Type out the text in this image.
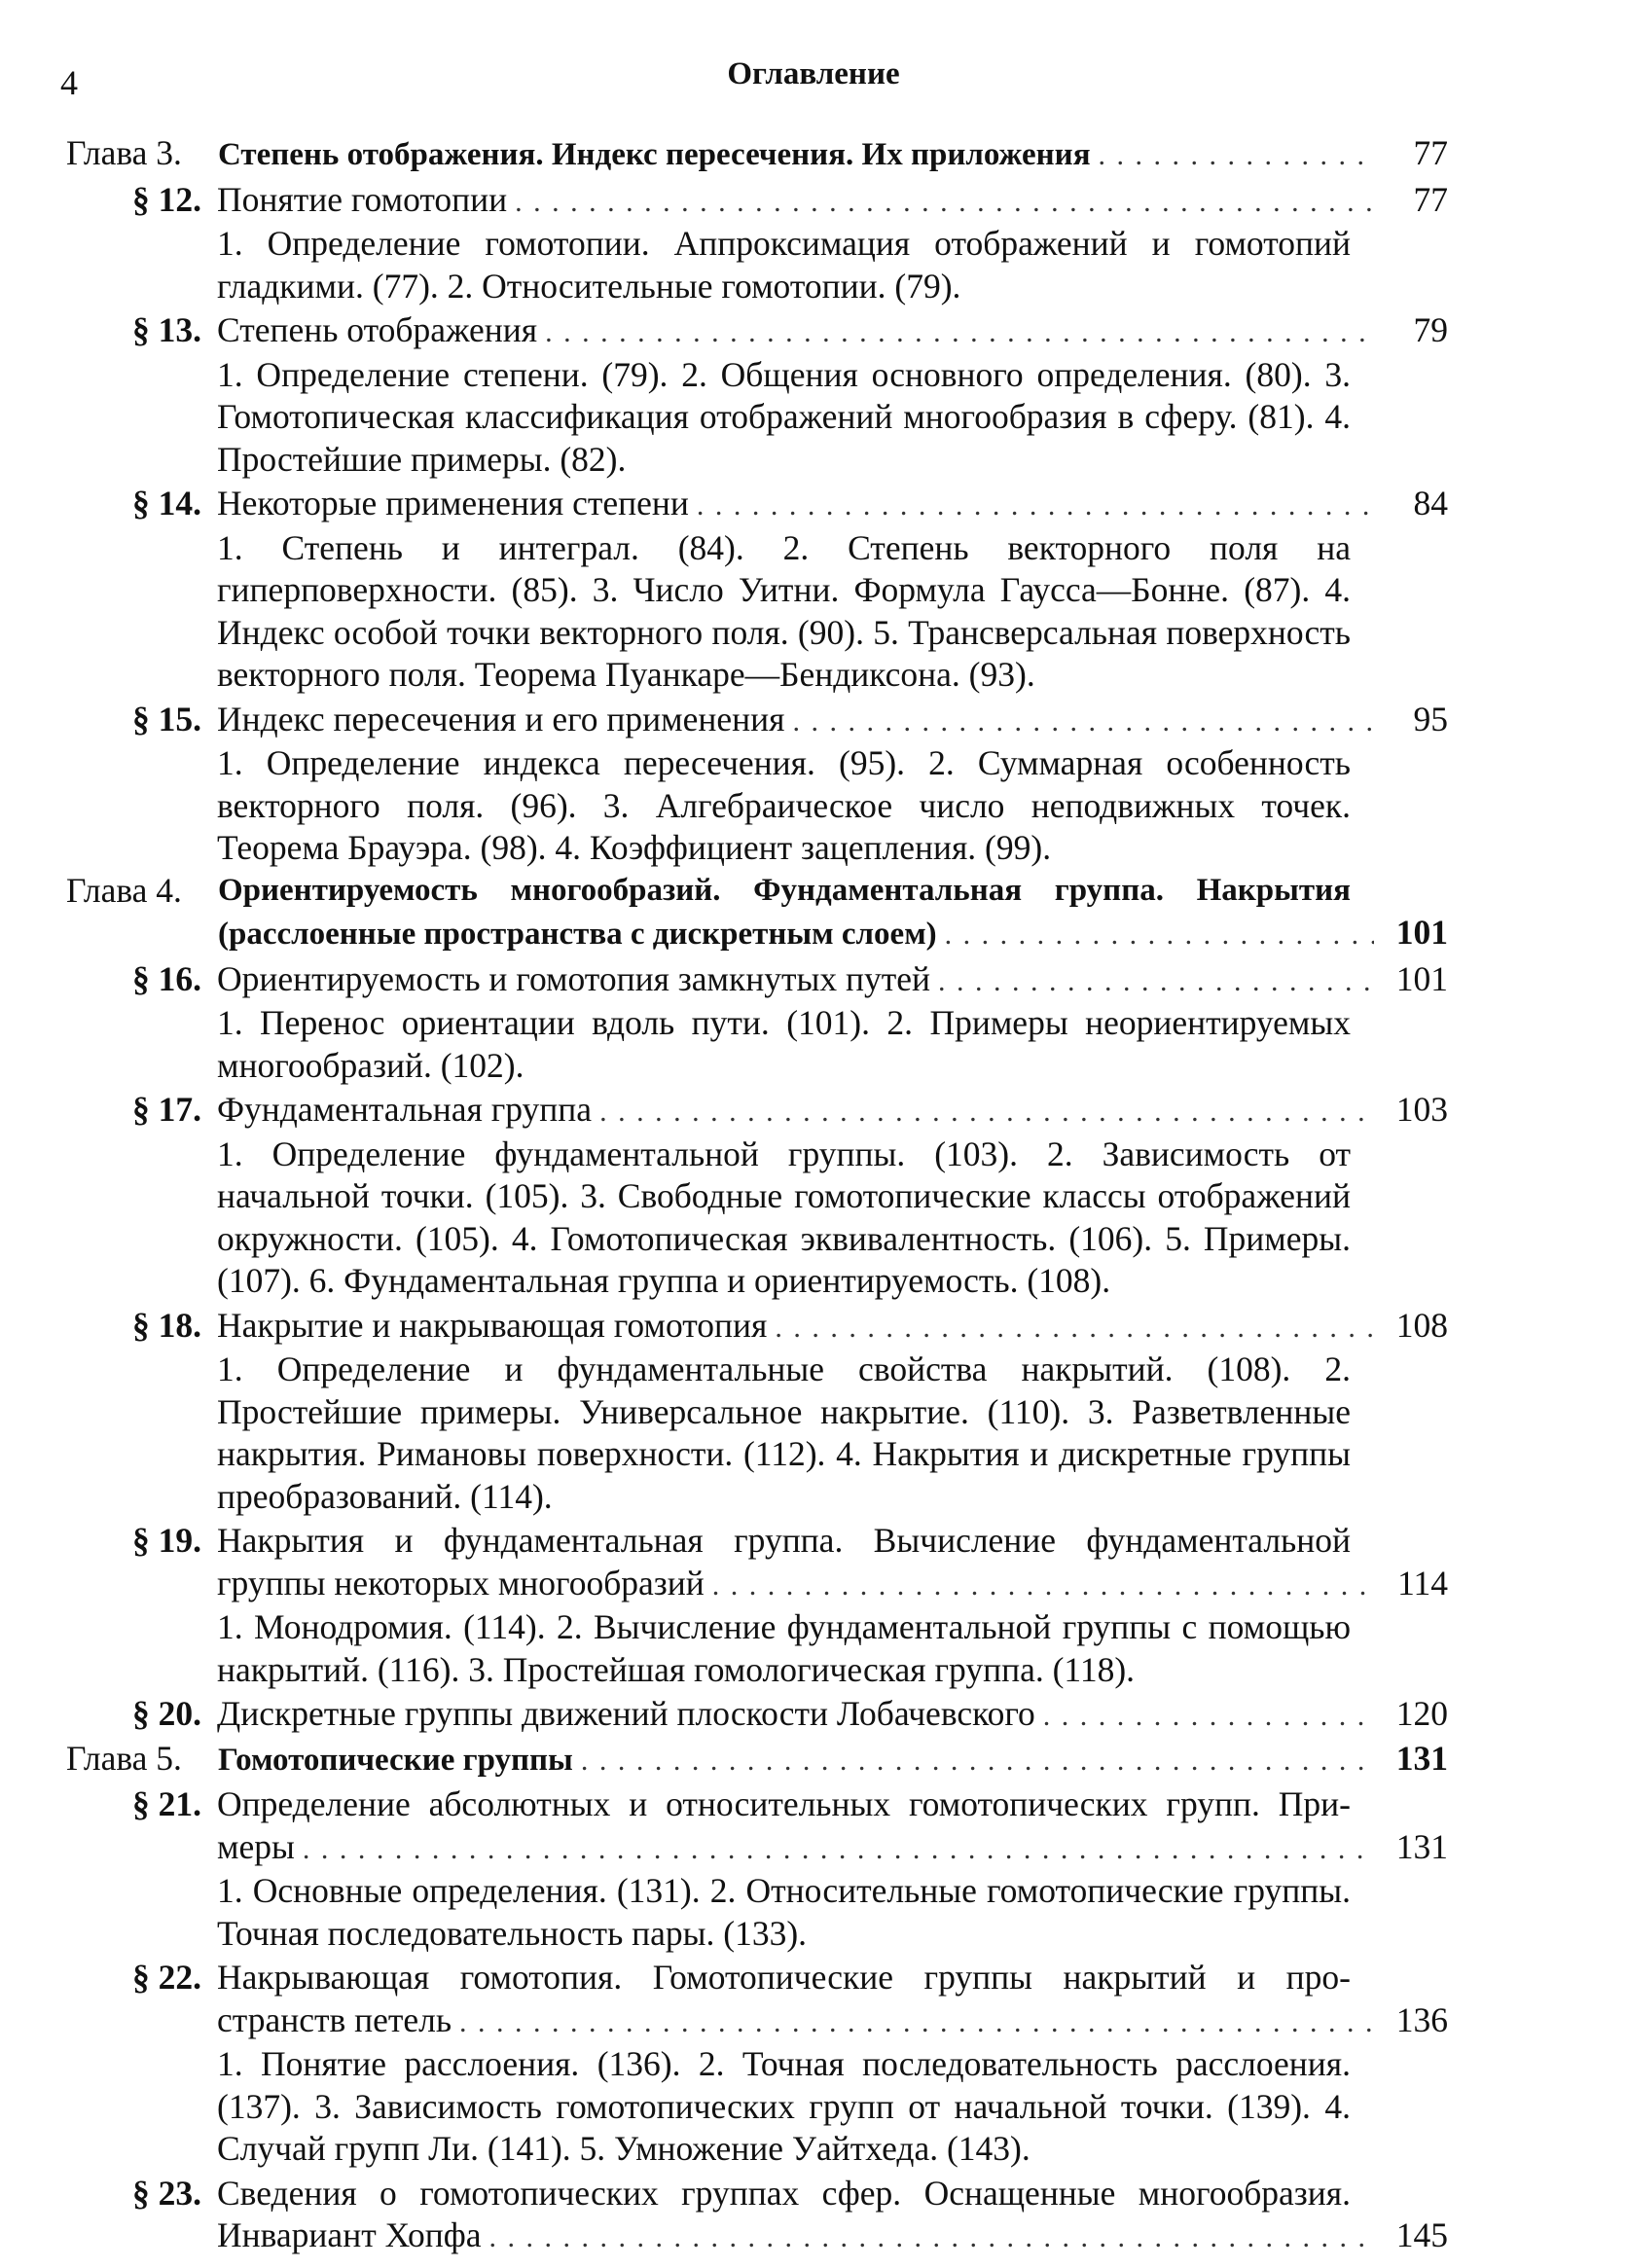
4	Оглавление
Глава 3. Степень отображения. Индекс пересечения. Их приложения . . .	77
§ 12. Понятие гомотопии . . .	77
1. Определение гомотопии. Аппроксимация отображений и гомотопий гладкими. (77). 2. Относительные гомотопии. (79).
§ 13. Степень отображения . . .	79
1. Определение степени. (79). 2. Общения основного определения. (80). 3. Гомотопическая классификация отображений многообразия в сферу. (81). 4. Простейшие примеры. (82).
§ 14. Некоторые применения степени . . .	84
1. Степень и интеграл. (84). 2. Степень векторного поля на гиперповерхности. (85). 3. Число Уитни. Формула Гаусса—Бонне. (87). 4. Индекс особой точки векторного поля. (90). 5. Трансверсальная поверхность векторного поля. Теорема Пуанкаре—Бендиксона. (93).
§ 15. Индекс пересечения и его применения . . .	95
1. Определение индекса пересечения. (95). 2. Суммарная особенность векторного поля. (96). 3. Алгебраическое число неподвижных точек. Теорема Брауэра. (98). 4. Коэффициент зацепления. (99).
Глава 4. Ориентируемость многообразий. Фундаментальная группа. Накрытия
(расслоенные пространства с дискретным слоем) . . .	101
§ 16. Ориентируемость и гомотопия замкнутых путей . . .	101
1. Перенос ориентации вдоль пути. (101). 2. Примеры неориентируемых многообразий. (102).
§ 17. Фундаментальная группа . . .	103
1. Определение фундаментальной группы. (103). 2. Зависимость от начальной точки. (105). 3. Свободные гомотопические классы отображений окружности. (105). 4. Гомотопическая эквивалентность. (106). 5. Примеры. (107). 6. Фундаментальная группа и ориентируемость. (108).
§ 18. Накрытие и накрывающая гомотопия . . .	108
1. Определение и фундаментальные свойства накрытий. (108). 2. Простейшие примеры. Универсальное накрытие. (110). 3. Разветвленные накрытия. Римановы поверхности. (112). 4. Накрытия и дискретные группы преобразований. (114).
§ 19. Накрытия и фундаментальная группа. Вычисление фундаментальной
группы некоторых многообразий . . .	114
1. Монодромия. (114). 2. Вычисление фундаментальной группы с помощью накрытий. (116). 3. Простейшая гомологическая группа. (118).
§ 20. Дискретные группы движений плоскости Лобачевского . . .	120
Глава 5. Гомотопические группы . . .	131
§ 21. Определение абсолютных и относительных гомотопических групп. При-
меры . . .	131
1. Основные определения. (131). 2. Относительные гомотопические группы. Точная последовательность пары. (133).
§ 22. Накрывающая гомотопия. Гомотопические группы накрытий и про-
странств петель . . .	136
1. Понятие расслоения. (136). 2. Точная последовательность расслоения. (137). 3. Зависимость гомотопических групп от начальной точки. (139). 4. Случай групп Ли. (141). 5. Умножение Уайтхеда. (143).
§ 23. Сведения о гомотопических группах сфер. Оснащенные многообразия.
Инвариант Хопфа . . .	145
